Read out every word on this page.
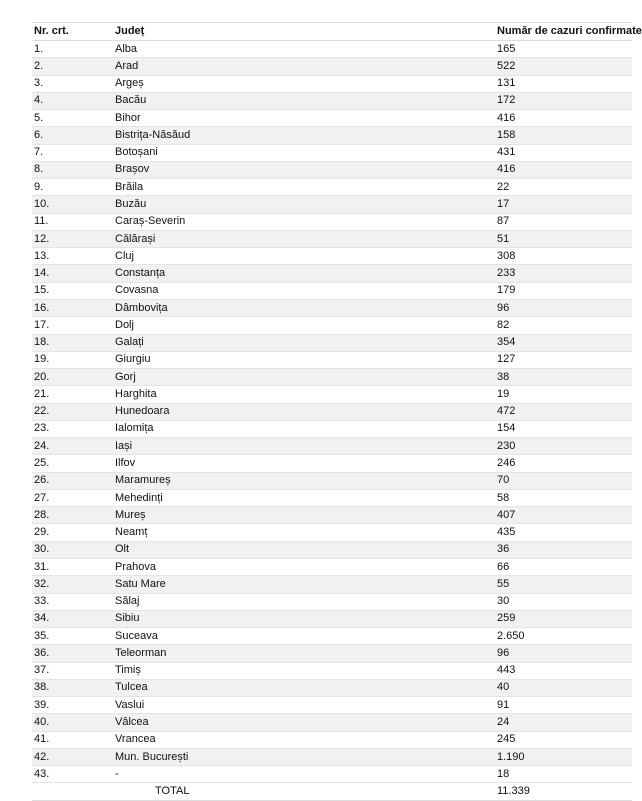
Nr. crt.	Județ	Număr de cazuri confirmate
1.	Alba	165
2.	Arad	522
3.	Argeș	131
4.	Bacău	172
5.	Bihor	416
6.	Bistrița-Năsăud	158
7.	Botoșani	431
8.	Brașov	416
9.	Brăila	22
10.	Buzău	17
11.	Caraș-Severin	87
12.	Călărași	51
13.	Cluj	308
14.	Constanța	233
15.	Covasna	179
16.	Dâmbovița	96
17.	Dolj	82
18.	Galați	354
19.	Giurgiu	127
20.	Gorj	38
21.	Harghita	19
22.	Hunedoara	472
23.	Ialomița	154
24.	Iași	230
25.	Ilfov	246
26.	Maramureș	70
27.	Mehedinți	58
28.	Mureș	407
29.	Neamț	435
30.	Olt	36
31.	Prahova	66
32.	Satu Mare	55
33.	Sălaj	30
34.	Sibiu	259
35.	Suceava	2.650
36.	Teleorman	96
37.	Timiș	443
38.	Tulcea	40
39.	Vaslui	91
40.	Vâlcea	24
41.	Vrancea	245
42.	Mun. București	1.190
43.	-	18
	TOTAL	11.339
